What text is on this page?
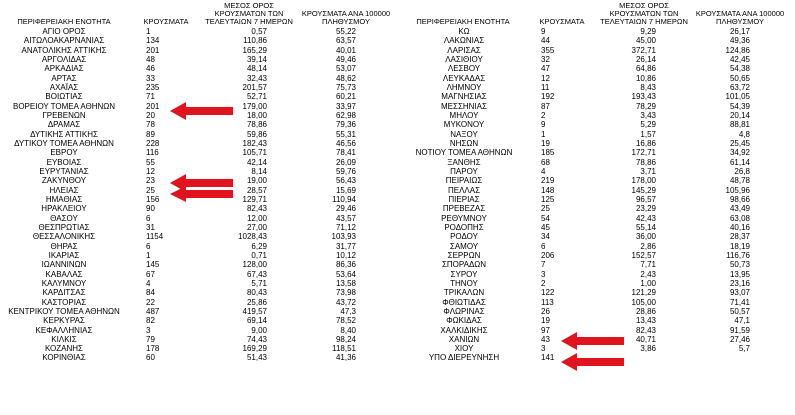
ΠΕΡΙΦΕΡΕΙΑΚΗ ΕΝΟΤΗΤΑ	ΚΡΟΥΣΜΑΤΑ
ΜΕΣΟΣ ΟΡΟΣ
ΚΡΟΥΣΜΑΤΩΝ ΤΩΝ
ΤΕΛΕΥΤΑΙΩΝ 7 ΗΜΕΡΩΝ
ΚΡΟΥΣΜΑΤΑ ΑΝΑ 100000
ΠΛΗΘΥΣΜΟΥ	ΠΕΡΙΦΕΡΕΙΑΚΗ ΕΝΟΤΗΤΑ	ΚΡΟΥΣΜΑΤΑ
ΜΕΣΟΣ ΟΡΟΣ
ΚΡΟΥΣΜΑΤΩΝ ΤΩΝ
ΤΕΛΕΥΤΑΙΩΝ 7 ΗΜΕΡΩΝ
ΚΡΟΥΣΜΑΤΑ ΑΝΑ 100000
ΠΛΗΘΥΣΜΟΥ
ΑΓΙΟ ΟΡΟΣ	1	0,57	55,22
ΑΙΤΩΛΟΑΚΑΡΝΑΝΙΑΣ	134	110,86	63,57
ΑΝΑΤΟΛΙΚΗΣ ΑΤΤΙΚΗΣ	201	165,29	40,01
ΑΡΓΟΛΙΔΑΣ	48	39,14	49,46
ΑΡΚΑΔΙΑΣ	46	48,14	53,07
ΑΡΤΑΣ	33	32,43	48,62
ΑΧΑΪΑΣ	235	201,57	75,73
ΒΟΙΩΤΙΑΣ	71	52,71	60,21
ΒΟΡΕΙΟΥ ΤΟΜΕΑ ΑΘΗΝΩΝ	201	179,00	33,97
ΓΡΕΒΕΝΩΝ	20	18,00	62,98
ΔΡΑΜΑΣ	78	78,86	79,36
ΔΥΤΙΚΗΣ ΑΤΤΙΚΗΣ	89	59,86	55,31
ΔΥΤΙΚΟΥ ΤΟΜΕΑ ΑΘΗΝΩΝ	228	182,43	46,56
ΕΒΡΟΥ	116	105,71	78,41
ΕΥΒΟΙΑΣ	55	42,14	26,09
ΕΥΡΥΤΑΝΙΑΣ	12	8,14	59,76
ΖΑΚΥΝΘΟΥ	23	19,00	56,43
ΗΛΕΙΑΣ	25	28,57	15,69
ΗΜΑΘΙΑΣ	156	129,71	110,94
ΗΡΑΚΛΕΙΟΥ	90	82,43	29,46
ΘΑΣΟΥ	6	12,00	43,57
ΘΕΣΠΡΩΤΙΑΣ	31	27,00	71,12
ΘΕΣΣΑΛΟΝΙΚΗΣ	1154	1028,43	103,93
ΘΗΡΑΣ	6	6,29	31,77
ΙΚΑΡΙΑΣ	1	0,71	10,12
ΙΩΑΝΝΙΝΩΝ	145	128,00	86,36
ΚΑΒΑΛΑΣ	67	67,43	53,64
ΚΑΛΥΜΝΟΥ	4	5,71	13,58
ΚΑΡΔΙΤΣΑΣ	84	80,43	73,98
ΚΑΣΤΟΡΙΑΣ	22	25,86	43,72
ΚΕΝΤΡΙΚΟΥ ΤΟΜΕΑ ΑΘΗΝΩΝ	487	419,57	47,3
ΚΕΡΚΥΡΑΣ	82	69,14	78,52
ΚΕΦΑΛΛΗΝΙΑΣ	3	9,00	8,40
ΚΙΛΚΙΣ	79	74,43	98,24
ΚΟΖΑΝΗΣ	178	169,29	118,51
ΚΟΡΙΝΘΙΑΣ	60	51,43	41,36
ΚΩ	9	9,29	26,17
ΛΑΚΩΝΙΑΣ	44	45,00	49,36
ΛΑΡΙΣΑΣ	355	372,71	124,86
ΛΑΣΙΘΙΟΥ	32	26,14	42,45
ΛΕΣΒΟΥ	47	64,86	54,38
ΛΕΥΚΑΔΑΣ	12	10,86	50,65
ΛΗΜΝΟΥ	11	8,43	63,72
ΜΑΓΝΗΣΙΑΣ	192	193,43	101,05
ΜΕΣΣΗΝΙΑΣ	87	78,29	54,39
ΜΗΛΟΥ	2	3,43	20,14
ΜΥΚΟΝΟΥ	9	5,29	88,81
ΝΑΞΟΥ	1	1,57	4,8
ΝΗΣΩΝ	19	16,86	25,45
ΝΟΤΙΟΥ ΤΟΜΕΑ ΑΘΗΝΩΝ	185	172,71	34,92
ΞΑΝΘΗΣ	68	78,86	61,14
ΠΑΡΟΥ	4	3,71	26,8
ΠΕΙΡΑΙΩΣ	219	178,00	48,78
ΠΕΛΛΑΣ	148	145,29	105,96
ΠΙΕΡΙΑΣ	125	96,57	98,66
ΠΡΕΒΕΖΑΣ	25	23,29	43,49
ΡΕΘΥΜΝΟΥ	54	42,43	63,08
ΡΟΔΟΠΗΣ	45	55,14	40,16
ΡΟΔΟΥ	34	36,00	28,37
ΣΑΜΟΥ	6	2,86	18,19
ΣΕΡΡΩΝ	206	152,57	116,76
ΣΠΟΡΑΔΩΝ	7	7,71	50,73
ΣΥΡΟΥ	3	2,43	13,95
ΤΗΝΟΥ	2	1,00	23,16
ΤΡΙΚΑΛΩΝ	122	121,29	93,07
ΦΘΙΩΤΙΔΑΣ	113	105,00	71,41
ΦΛΩΡΙΝΑΣ	26	28,86	50,57
ΦΩΚΙΔΑΣ	19	13,43	47,1
ΧΑΛΚΙΔΙΚΗΣ	97	82,43	91,59
ΧΑΝΙΩΝ	43	40,71	27,46
ΧΙΟΥ	3	3,86	5,7
ΥΠΟ ΔΙΕΡΕΥΝΗΣΗ	141
